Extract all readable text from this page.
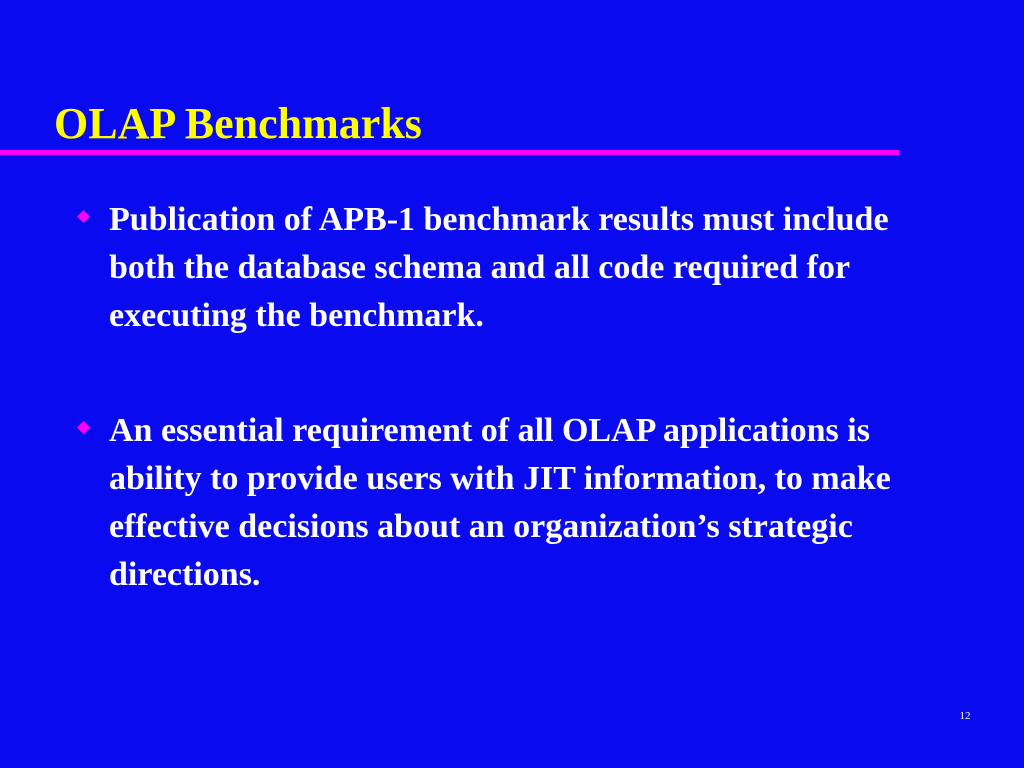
OLAP Benchmarks

Publication of APB-1 benchmark results must include both the database schema and all code required for executing the benchmark.

An essential requirement of all OLAP applications is ability to provide users with JIT information, to make effective decisions about an organization’s strategic directions.

12
